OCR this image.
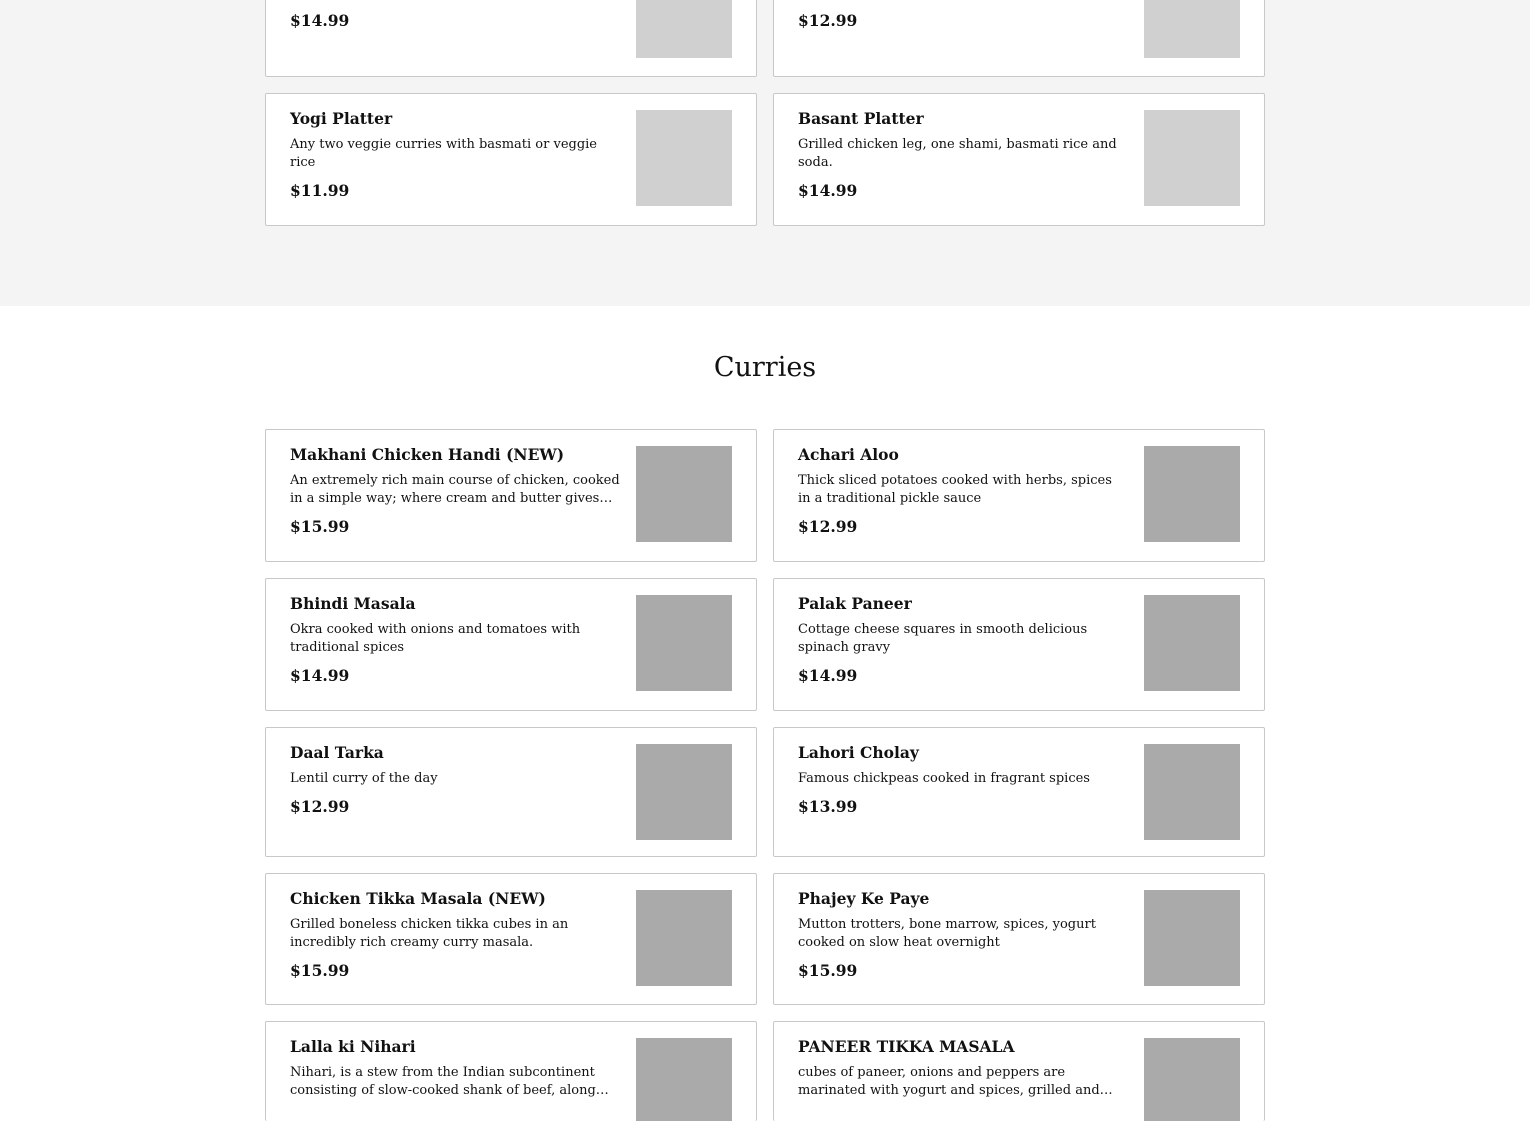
$14.99	$12.99
Yogi Platter
Any two veggie curries with basmati or veggie rice
$11.99
Basant Platter
Grilled chicken leg, one shami, basmati rice and soda.
$14.99
Curries
Makhani Chicken Handi (NEW)
An extremely rich main course of chicken, cooked in a simple way; where cream and butter gives
$15.99
Achari Aloo
Thick sliced potatoes cooked with herbs, spices in a traditional pickle sauce
$12.99
Bhindi Masala
Okra cooked with onions and tomatoes with traditional spices
$14.99
Palak Paneer
Cottage cheese squares in smooth delicious spinach gravy
$14.99
Daal Tarka
Lentil curry of the day
$12.99
Lahori Cholay
Famous chickpeas cooked in fragrant spices
$13.99
Chicken Tikka Masala (NEW)
Grilled boneless chicken tikka cubes in an incredibly rich creamy curry masala.
$15.99
Phajey Ke Paye
Mutton trotters, bone marrow, spices, yogurt cooked on slow heat overnight
$15.99
Lalla ki Nihari
Nihari, is a stew from the Indian subcontinent consisting of slow-cooked shank of beef, along
PANEER TIKKA MASALA
cubes of paneer, onions and peppers are marinated with yogurt and spices, grilled and
